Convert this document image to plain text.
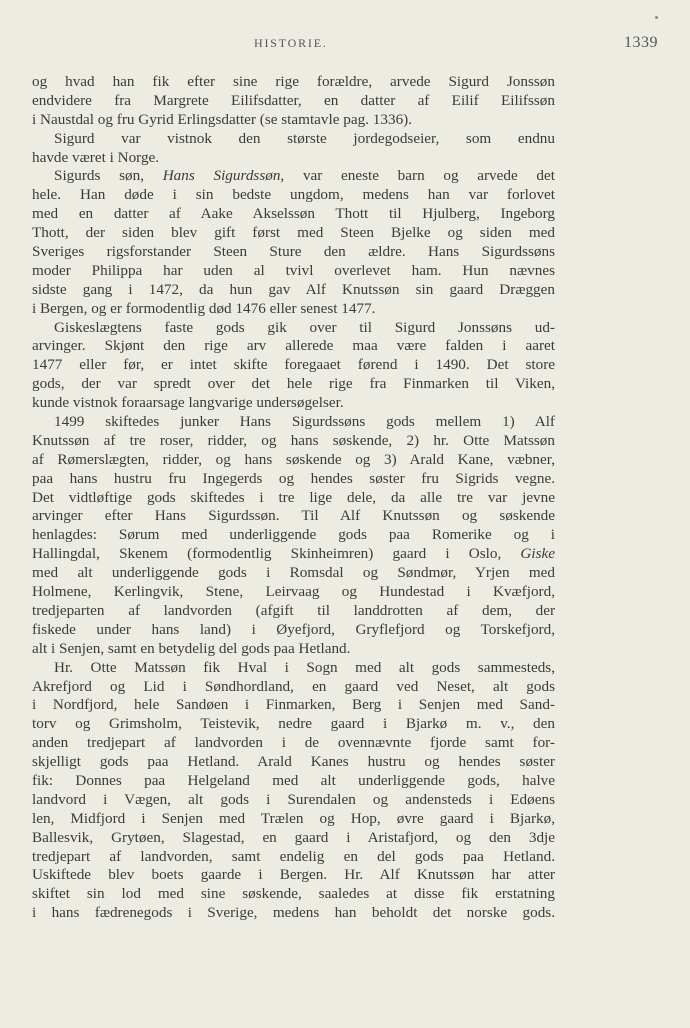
HISTORIE.	1339
og hvad han fik efter sine rige forældre, arvede Sigurd Jonssøn
endvidere fra Margrete Eilifsdatter, en datter af Eilif Eilifssøn
i Naustdal og fru Gyrid Erlingsdatter (se stamtavle pag. 1336).
Sigurd var vistnok den største jordegodseier, som endnu
havde været i Norge.
Sigurds søn, Hans Sigurdssøn, var eneste barn og arvede det
hele. Han døde i sin bedste ungdom, medens han var forlovet
med en datter af Aake Akselssøn Thott til Hjulberg, Ingeborg
Thott, der siden blev gift først med Steen Bjelke og siden med
Sveriges rigsforstander Steen Sture den ældre. Hans Sigurdssøns
moder Philippa har uden al tvivl overlevet ham. Hun nævnes
sidste gang i 1472, da hun gav Alf Knutssøn sin gaard Dræggen
i Bergen, og er formodentlig død 1476 eller senest 1477.
Giskeslægtens faste gods gik over til Sigurd Jonssøns ud-
arvinger. Skjønt den rige arv allerede maa være falden i aaret
1477 eller før, er intet skifte foregaaet førend i 1490. Det store
gods, der var spredt over det hele rige fra Finmarken til Viken,
kunde vistnok foraarsage langvarige undersøgelser.
1499 skiftedes junker Hans Sigurdssøns gods mellem 1) Alf
Knutssøn af tre roser, ridder, og hans søskende, 2) hr. Otte Matssøn
af Rømerslægten, ridder, og hans søskende og 3) Arald Kane, væbner,
paa hans hustru fru Ingegerds og hendes søster fru Sigrids vegne.
Det vidtløftige gods skiftedes i tre lige dele, da alle tre var jevne
arvinger efter Hans Sigurdssøn. Til Alf Knutssøn og søskende
henlagdes: Sørum med underliggende gods paa Romerike og i
Hallingdal, Skenem (formodentlig Skinheimren) gaard i Oslo, Giske
med alt underliggende gods i Romsdal og Søndmør, Yrjen med
Holmene, Kerlingvik, Stene, Leirvaag og Hundestad i Kvæfjord,
tredjeparten af landvorden (afgift til landdrotten af dem, der
fiskede under hans land) i Øyefjord, Gryflefjord og Torskefjord,
alt i Senjen, samt en betydelig del gods paa Hetland.
Hr. Otte Matssøn fik Hval i Sogn med alt gods sammesteds,
Akrefjord og Lid i Søndhordland, en gaard ved Neset, alt gods
i Nordfjord, hele Sandøen i Finmarken, Berg i Senjen med Sand-
torv og Grimsholm, Teistevik, nedre gaard i Bjarkø m. v., den
anden tredjepart af landvorden i de ovennævnte fjorde samt for-
skjelligt gods paa Hetland. Arald Kanes hustru og hendes søster
fik: Donnes paa Helgeland med alt underliggende gods, halve
landvord i Vægen, alt gods i Surendalen og andensteds i Edøens
len, Midfjord i Senjen med Trælen og Hop, øvre gaard i Bjarkø,
Ballesvik, Grytøen, Slagestad, en gaard i Aristafjord, og den 3dje
tredjepart af landvorden, samt endelig en del gods paa Hetland.
Uskiftede blev boets gaarde i Bergen. Hr. Alf Knutssøn har atter
skiftet sin lod med sine søskende, saaledes at disse fik erstatning
i hans fædrenegods i Sverige, medens han beholdt det norske gods.
